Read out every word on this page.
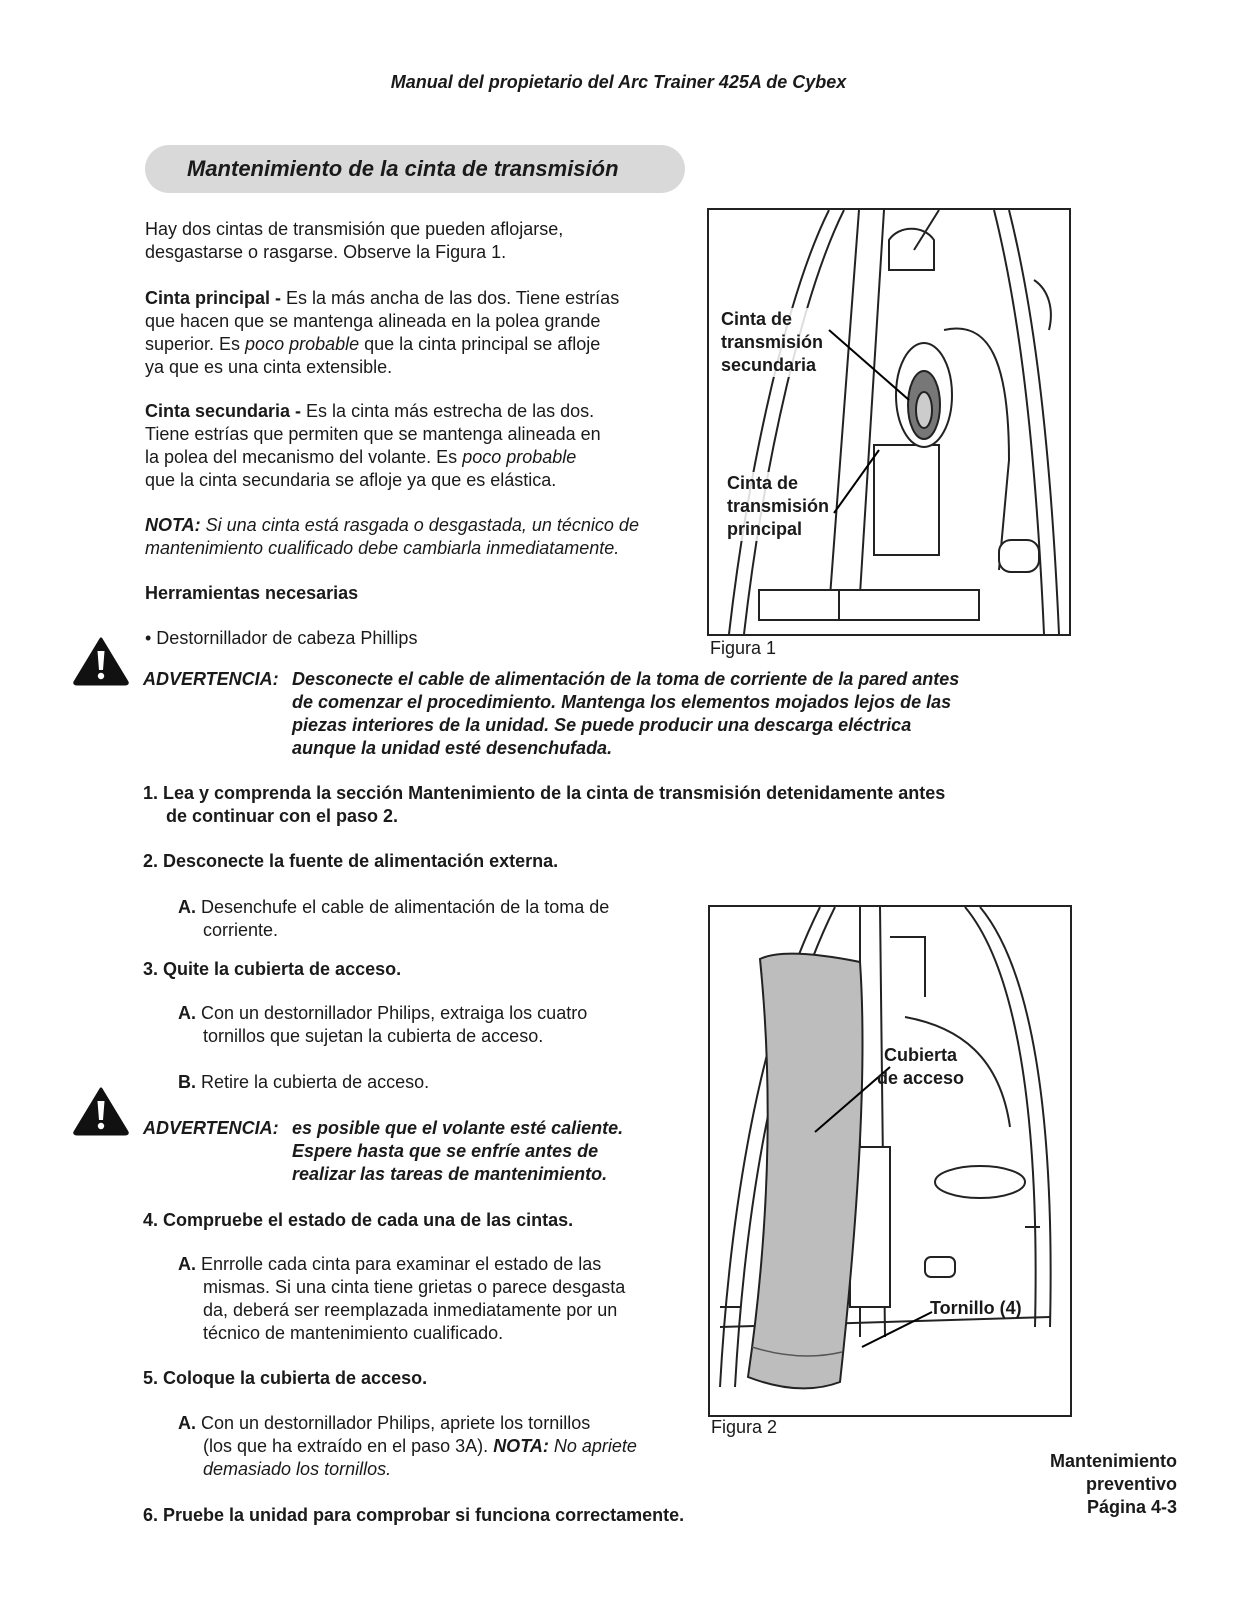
Manual del propietario del Arc Trainer 425A de Cybex
Mantenimiento de la cinta de transmisión
Hay dos cintas de transmisión que pueden aflojarse,
desgastarse o rasgarse. Observe la Figura 1.
Cinta principal - Es la más ancha de las dos. Tiene estrías
que hacen que se mantenga alineada en la polea grande
superior. Es poco probable que la cinta principal se afloje
ya que es una cinta extensible.
Cinta secundaria - Es la cinta más estrecha de las dos.
Tiene estrías que permiten que se mantenga alineada en
la polea del mecanismo del volante. Es poco probable
que la cinta secundaria se afloje ya que es elástica.
NOTA: Si una cinta está rasgada o desgastada, un técnico de
mantenimiento cualificado debe cambiarla inmediatamente.
Herramientas necesarias
• Destornillador de cabeza Phillips
Cinta de
transmisión
secundaria
Cinta de
transmisión
principal
Figura 1
ADVERTENCIA: Desconecte el cable de alimentación de la toma de corriente de la pared antes
de comenzar el procedimiento. Mantenga los elementos mojados lejos de las
piezas interiores de la unidad. Se puede producir una descarga eléctrica
aunque la unidad esté desenchufada.
1. Lea y comprenda la sección Mantenimiento de la cinta de transmisión detenidamente antes
de continuar con el paso 2.
2. Desconecte la fuente de alimentación externa.
A. Desenchufe el cable de alimentación de la toma de
corriente.
3. Quite la cubierta de acceso.
A. Con un destornillador Philips, extraiga los cuatro
tornillos que sujetan la cubierta de acceso.
B. Retire la cubierta de acceso.
ADVERTENCIA: es posible que el volante esté caliente.
Espere hasta que se enfríe antes de
realizar las tareas de mantenimiento.
4. Compruebe el estado de cada una de las cintas.
A. Enrrolle cada cinta para examinar el estado de las
mismas. Si una cinta tiene grietas o parece desgasta
da, deberá ser reemplazada inmediatamente por un
técnico de mantenimiento cualificado.
5. Coloque la cubierta de acceso.
A. Con un destornillador Philips, apriete los tornillos
(los que ha extraído en el paso 3A). NOTA: No apriete
demasiado los tornillos.
6. Pruebe la unidad para comprobar si funciona correctamente.
Cubierta
de acceso
Tornillo (4)
Figura 2
Mantenimiento
preventivo
Página 4-3
